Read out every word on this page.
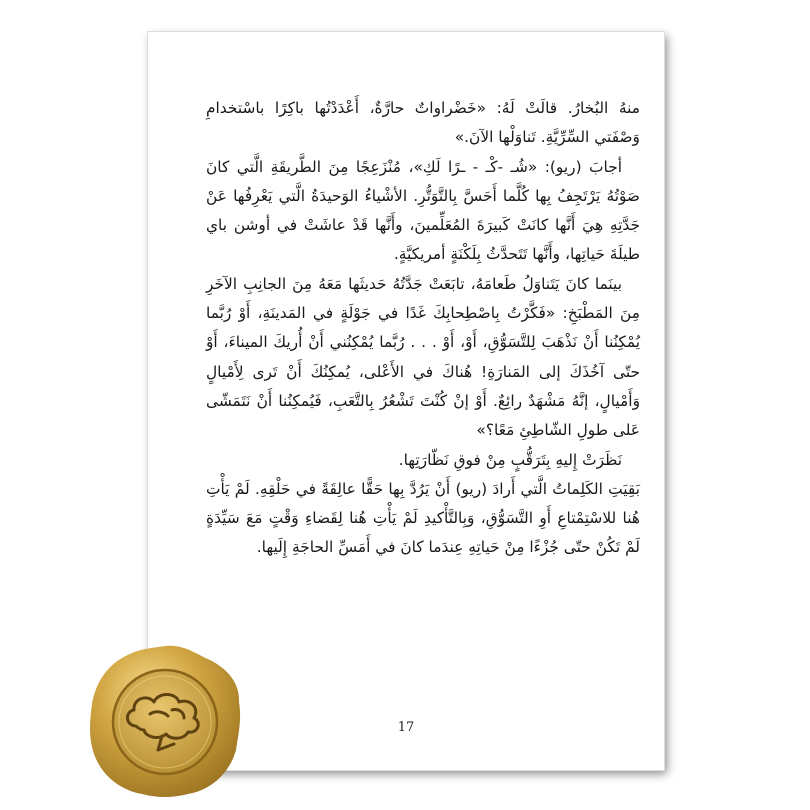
منهُ البُخارُ. قالَتْ لَهُ: «خَضْراواتٌ حارَّةٌ، أَعْدَدْتُها باكِرًا باسْتخدامِ وَصْفَتي السِّرِّيَّةِ. تَناوَلْها الآنَ.»

أجابَ (ريو): «شُـ -كْـ - ـرًا لَكِ»، مُنْزَعِجًا مِنَ الطَّريقَةِ الَّتي كانَ صَوْتُهُ يَرْتَجِفُ بِها كُلَّما أَحَسَّ بِالتَّوَتُّرِ. الأشْياءُ الوَحيدَةُ الَّتي يَعْرِفُها عَنْ جَدَّتِهِ هِيَ أَنَّها كانَتْ كَبيرَةَ المُعَلِّمينَ، وأَنَّها قَدْ عاشَتْ في أوشن باي طيلَةَ حَياتِها، وأَنَّها تَتَحدَّثُ بِلَكْنَةٍ أمريكيَّةٍ.

بينَما كانَ يَتَناوَلُ طَعامَهُ، تابَعَتْ جَدَّتُهُ حَديثَها مَعَهُ مِنَ الجانِبِ الآخَرِ مِنَ المَطْبَخِ: «فَكَّرْتُ بِاصْطِحابِكَ غَدًا في جَوْلَةٍ في المَدينَةِ، أَوْ رُبَّما يُمْكِنُنا أَنْ نَذْهَبَ لِلتَّسَوُّقِ، أَوْ، أَوْ . . . رُبَّما يُمْكِنُني أَنْ أُريكَ الميناءَ، أَوْ حتّى آخُذَكَ إلى المَنارَةِ! هُناكَ في الأَعْلى، يُمكِنُكَ أَنْ تَرى لِأَمْيالٍ وَأَمْيالٍ، إنَّهُ مَشْهَدٌ رائِعٌ. أَوْ إنْ كُنْتَ تَشْعُرُ بِالتَّعَبِ، فَيُمكِنُنا أَنْ نَتَمَشّى عَلى طولِ الشّاطِئِ مَعًا؟»

نَظَرَتْ إِليهِ بِتَرَقُّبٍ مِنْ فوقِ نَظّارَتِها.

بَقِيَتِ الكَلِماتُ الَّتي أَرادَ (ريو) أَنْ يَرُدَّ بِها حَقًّا عالِقَةً في حَلْقِهِ. لَمْ يَأْتِ هُنا للاسْتِمْتاعِ أَوِ التَّسَوُّقِ، وَبِالتَّأْكيدِ لَمْ يَأْتِ هُنا لِقَضاءِ وَقْتٍ مَعَ سَيِّدَةٍ لَمْ تَكُنْ حتّى جُزْءًا مِنْ حَياتِهِ عِندَما كانَ في أَمَسِّ الحاجَةِ إِلَيها.

17
